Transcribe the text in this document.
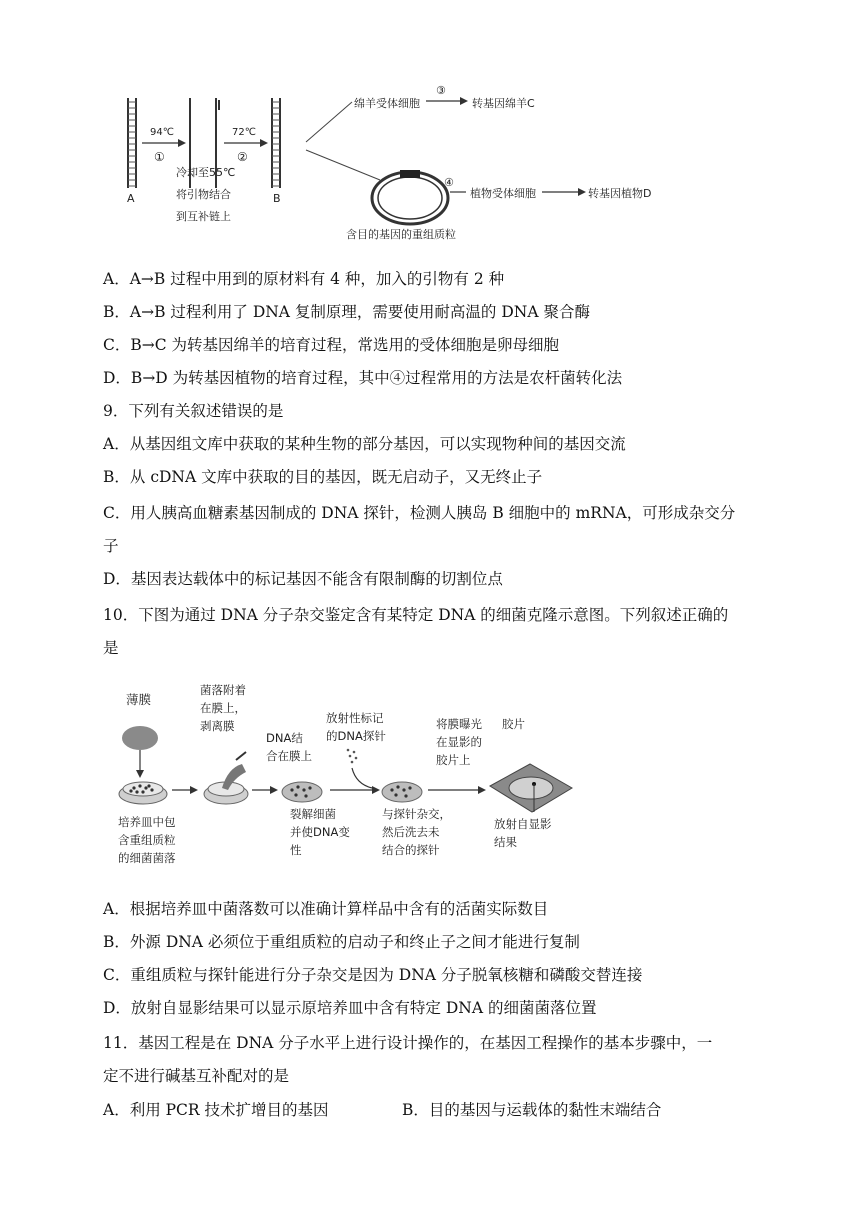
A
94℃
①
冷却至55℃
将引物结合
到互补链上
72℃
②
B
绵羊受体细胞
③
转基因绵羊C
含目的基因的重组质粒
④
植物受体细胞	转基因植物D
A．A→B 过程中用到的原材料有 4 种，加入的引物有 2 种
B．A→B 过程利用了 DNA 复制原理，需要使用耐高温的 DNA 聚合酶
C．B→C 为转基因绵羊的培育过程，常选用的受体细胞是卵母细胞
D．B→D 为转基因植物的培育过程，其中④过程常用的方法是农杆菌转化法
9．下列有关叙述错误的是
A．从基因组文库中获取的某种生物的部分基因，可以实现物种间的基因交流
B．从 cDNA 文库中获取的目的基因，既无启动子，又无终止子
C．用人胰高血糖素基因制成的 DNA 探针，检测人胰岛 B 细胞中的 mRNA，可形成杂交分
子
D．基因表达载体中的标记基因不能含有限制酶的切割位点
10．下图为通过 DNA 分子杂交鉴定含有某特定 DNA 的细菌克隆示意图。下列叙述正确的
是
薄膜
培养皿中包
含重组质粒
的细菌菌落
菌落附着
在膜上，
剥离膜
DNA结
合在膜上
裂解细菌
并使DNA变
性
放射性标记
的DNA探针
与探针杂交，
然后洗去未
结合的探针
将膜曝光
在显影的
胶片上
胶片
放射自显影
结果
A．根据培养皿中菌落数可以准确计算样品中含有的活菌实际数目
B．外源 DNA 必须位于重组质粒的启动子和终止子之间才能进行复制
C．重组质粒与探针能进行分子杂交是因为 DNA 分子脱氧核糖和磷酸交替连接
D．放射自显影结果可以显示原培养皿中含有特定 DNA 的细菌菌落位置
11．基因工程是在 DNA 分子水平上进行设计操作的，在基因工程操作的基本步骤中，一
定不进行碱基互补配对的是
A．利用 PCR 技术扩增目的基因	B．目的基因与运载体的黏性末端结合
